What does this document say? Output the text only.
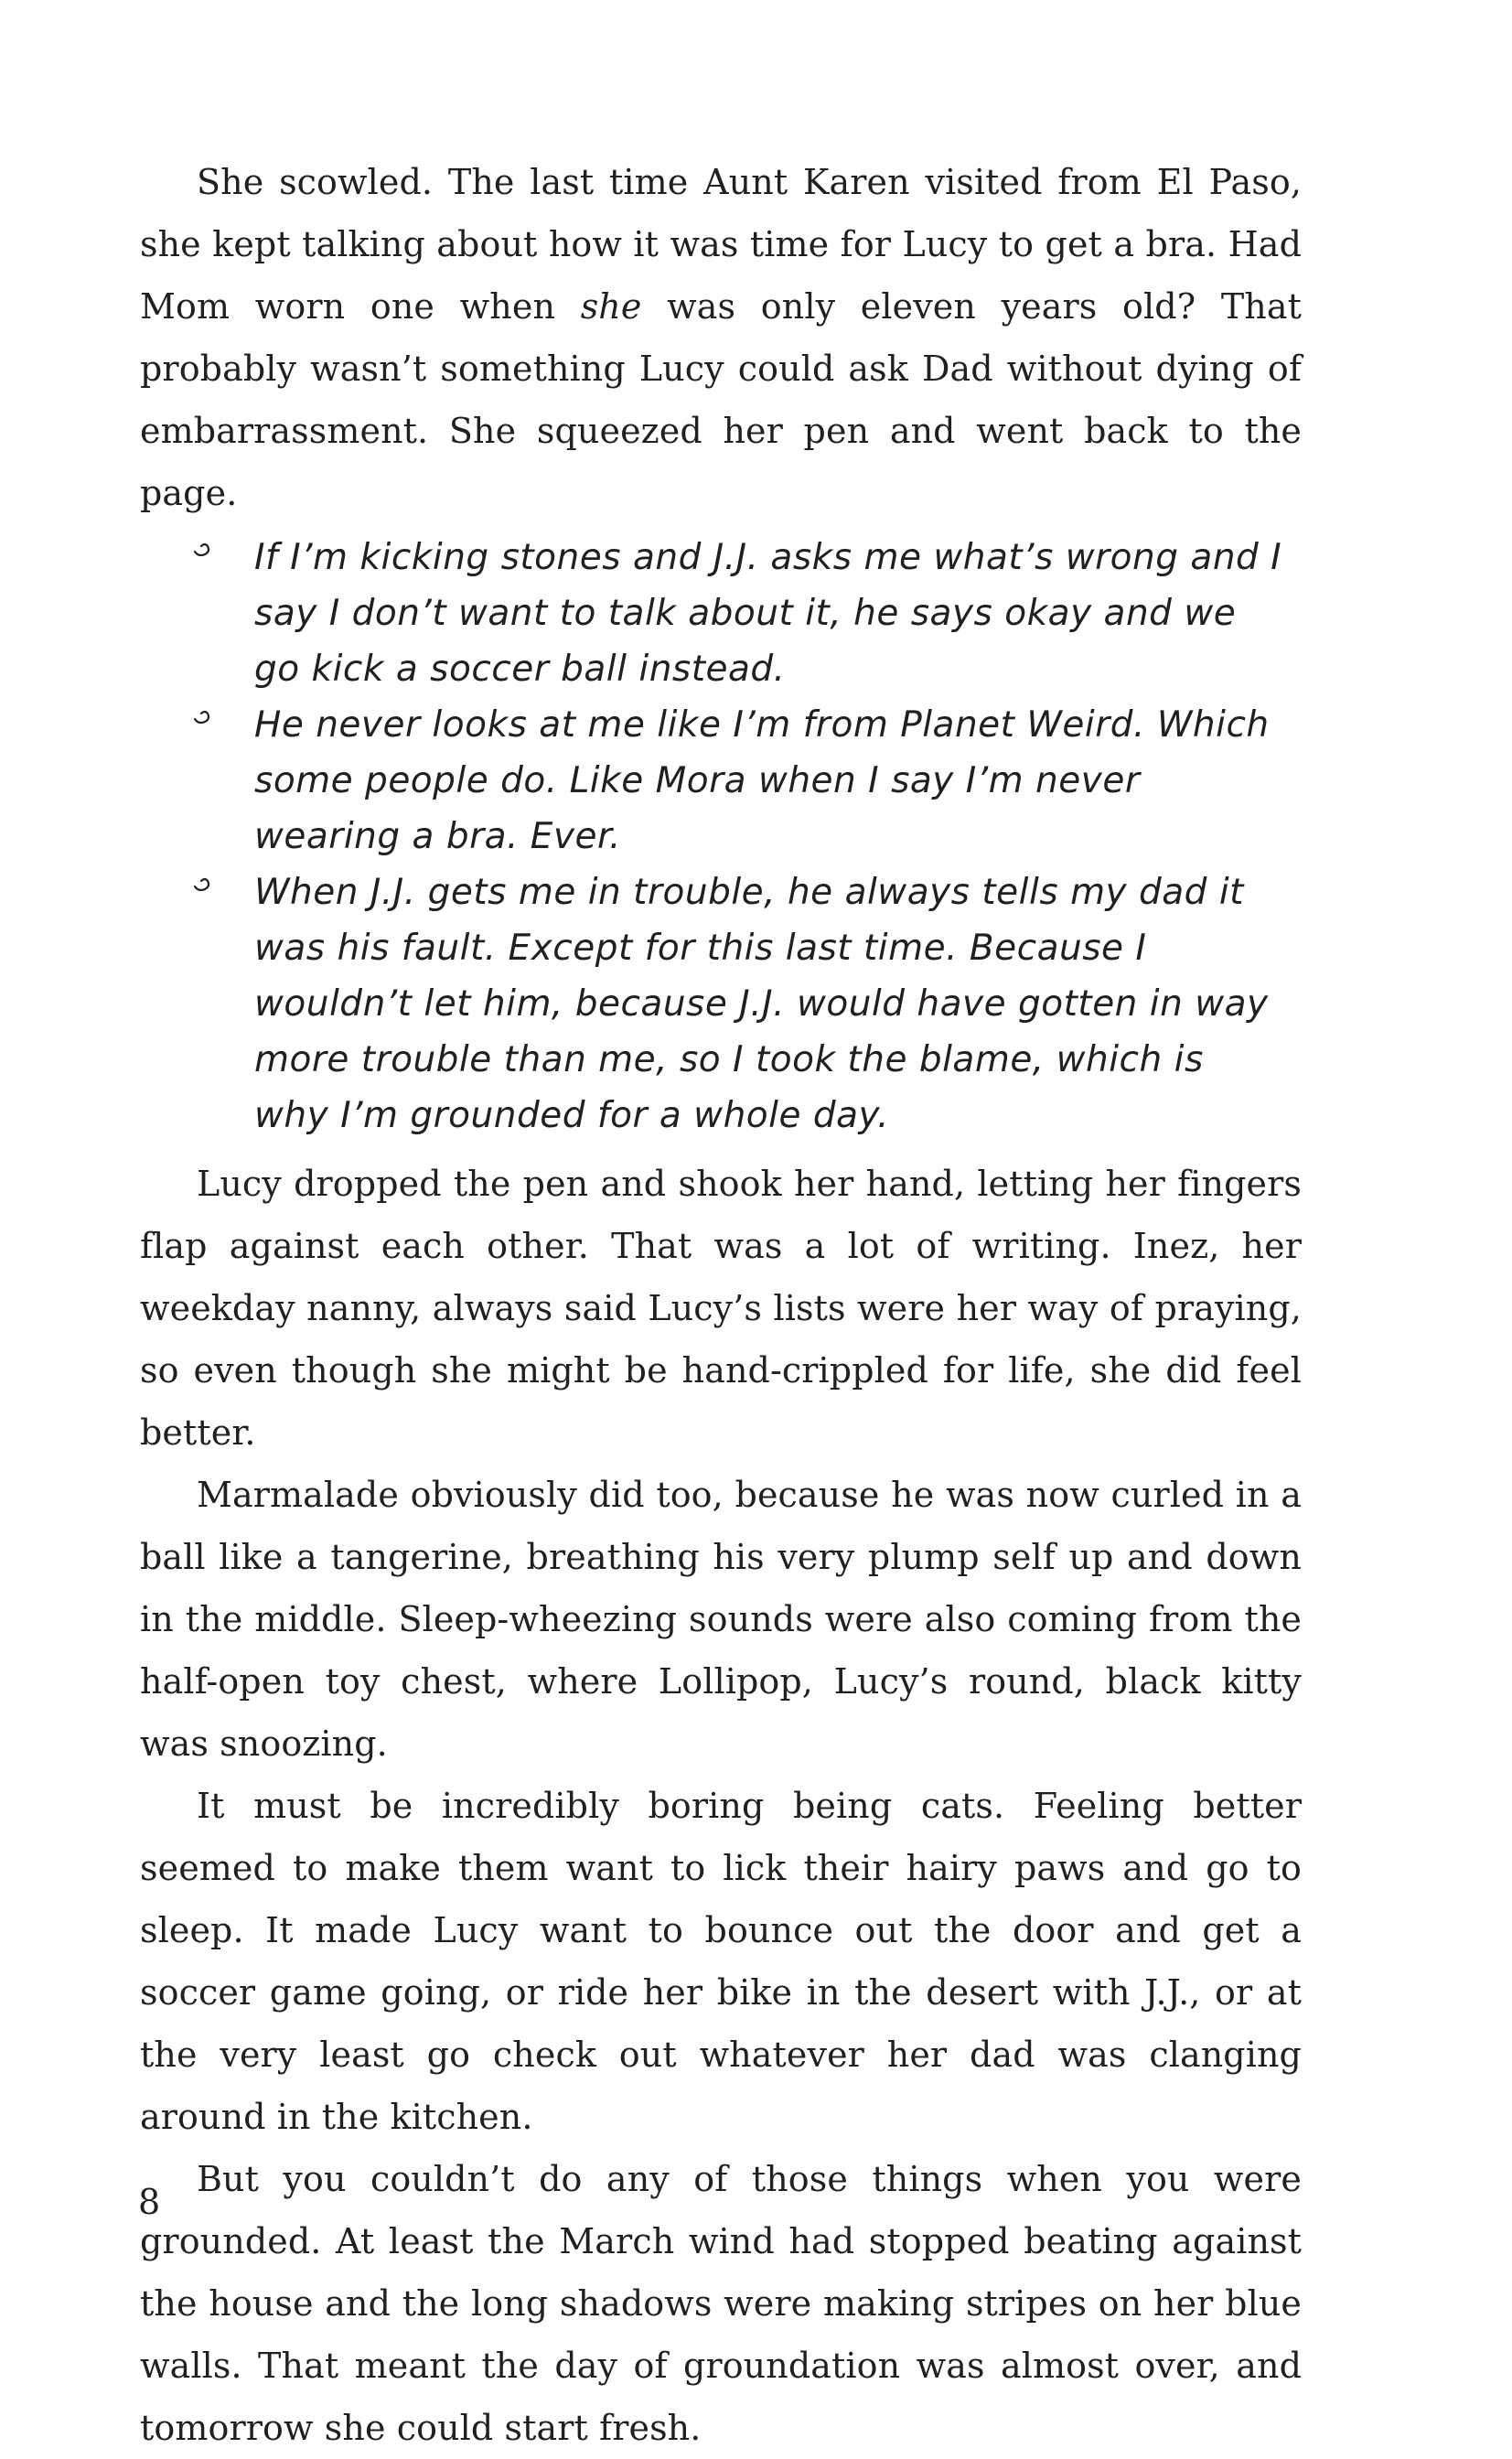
She scowled. The last time Aunt Karen visited from El Paso, she kept talking about how it was time for Lucy to get a bra. Had Mom worn one when she was only eleven years old? That probably wasn’t something Lucy could ask Dad without dying of embarrassment. She squeezed her pen and went back to the page.

If I’m kicking stones and J.J. asks me what’s wrong and I say I don’t want to talk about it, he says okay and we go kick a soccer ball instead.
He never looks at me like I’m from Planet Weird. Which some people do. Like Mora when I say I’m never wearing a bra. Ever.
When J.J. gets me in trouble, he always tells my dad it was his fault. Except for this last time. Because I wouldn’t let him, because J.J. would have gotten in way more trouble than me, so I took the blame, which is why I’m grounded for a whole day.

Lucy dropped the pen and shook her hand, letting her fingers flap against each other. That was a lot of writing. Inez, her weekday nanny, always said Lucy’s lists were her way of praying, so even though she might be hand-crippled for life, she did feel better.

Marmalade obviously did too, because he was now curled in a ball like a tangerine, breathing his very plump self up and down in the middle. Sleep-wheezing sounds were also coming from the half-open toy chest, where Lollipop, Lucy’s round, black kitty was snoozing.

It must be incredibly boring being cats. Feeling better seemed to make them want to lick their hairy paws and go to sleep. It made Lucy want to bounce out the door and get a soccer game going, or ride her bike in the desert with J.J., or at the very least go check out whatever her dad was clanging around in the kitchen.

But you couldn’t do any of those things when you were grounded. At least the March wind had stopped beating against the house and the long shadows were making stripes on her blue walls. That meant the day of groundation was almost over, and tomorrow she could start fresh.

8
